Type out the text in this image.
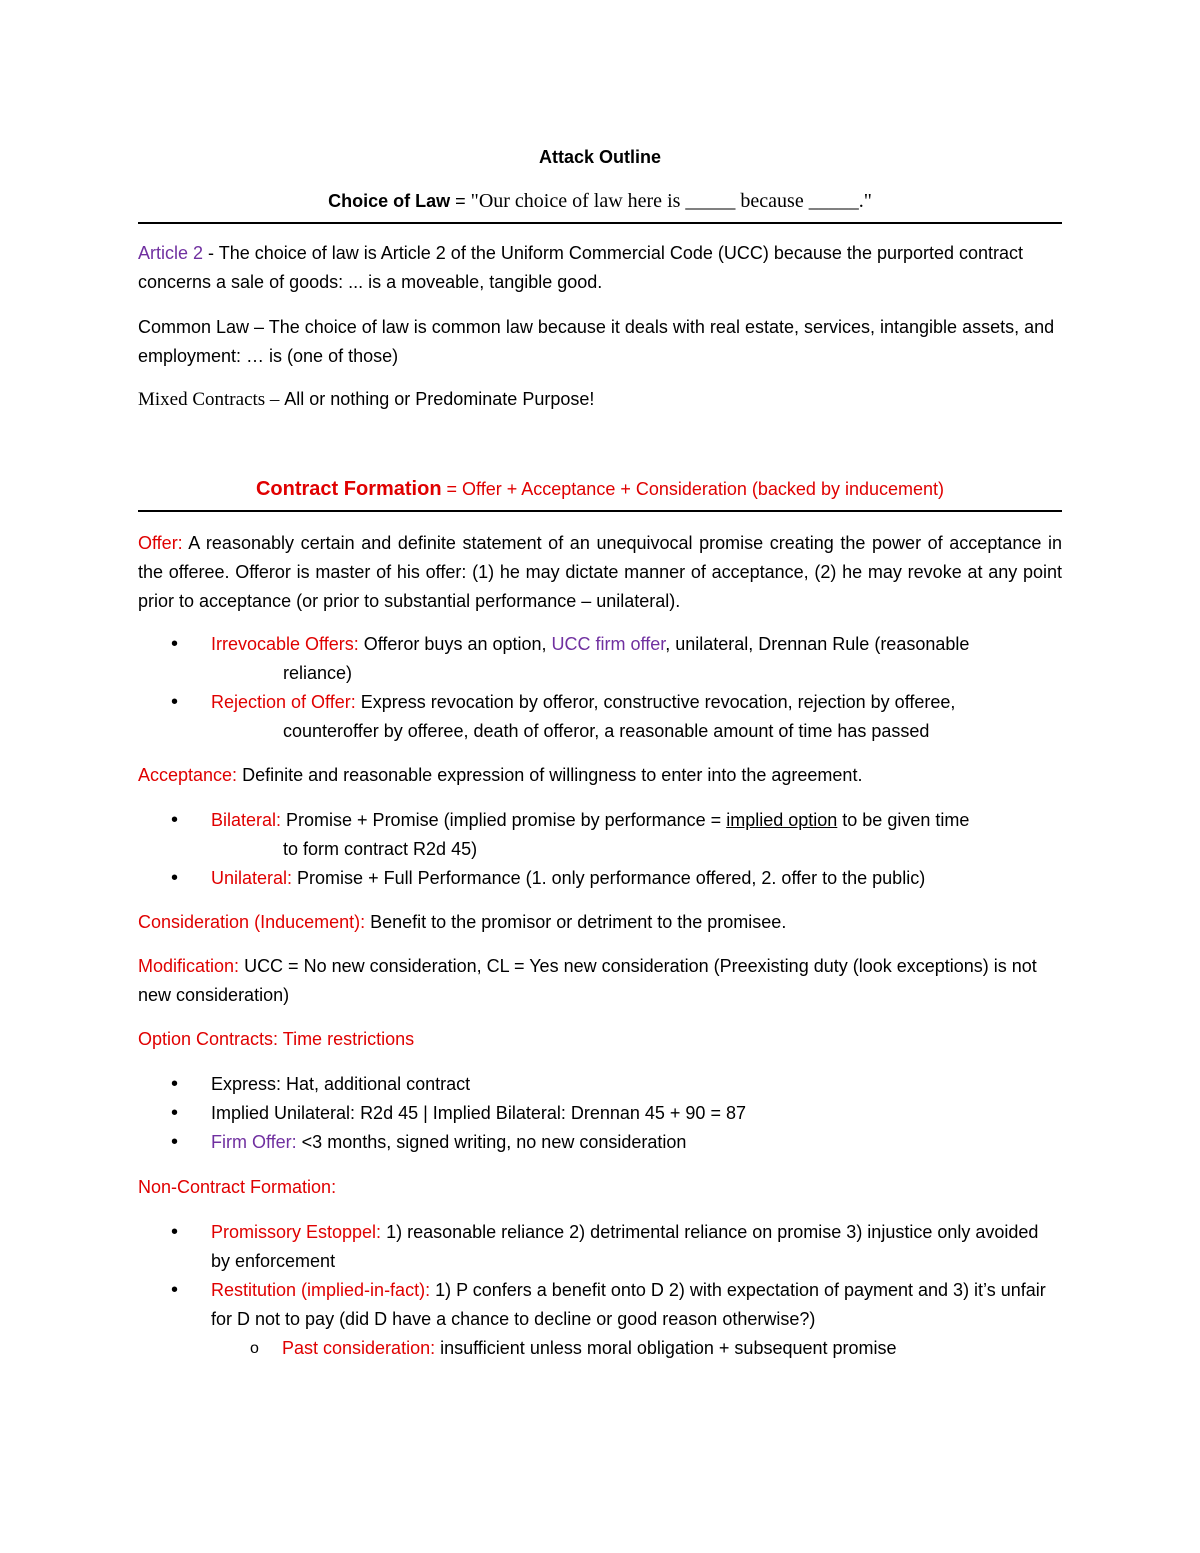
Attack Outline
Choice of Law = "Our choice of law here is _____ because _____."

Article 2 - The choice of law is Article 2 of the Uniform Commercial Code (UCC) because the purported contract concerns a sale of goods: ... is a moveable, tangible good.

Common Law – The choice of law is common law because it deals with real estate, services, intangible assets, and employment: … is (one of those)

Mixed Contracts – All or nothing or Predominate Purpose!

Contract Formation = Offer + Acceptance + Consideration (backed by inducement)

Offer: A reasonably certain and definite statement of an unequivocal promise creating the power of acceptance in the offeree. Offeror is master of his offer: (1) he may dictate manner of acceptance, (2) he may revoke at any point prior to acceptance (or prior to substantial performance – unilateral).

• Irrevocable Offers: Offeror buys an option, UCC firm offer, unilateral, Drennan Rule (reasonable
reliance)
• Rejection of Offer: Express revocation by offeror, constructive revocation, rejection by offeree,
counteroffer by offeree, death of offeror, a reasonable amount of time has passed

Acceptance: Definite and reasonable expression of willingness to enter into the agreement.

• Bilateral: Promise + Promise (implied promise by performance = implied option to be given time
to form contract R2d 45)
• Unilateral: Promise + Full Performance (1. only performance offered, 2. offer to the public)

Consideration (Inducement): Benefit to the promisor or detriment to the promisee.

Modification: UCC = No new consideration, CL = Yes new consideration (Preexisting duty (look exceptions) is not new consideration)

Option Contracts: Time restrictions

• Express: Hat, additional contract
• Implied Unilateral: R2d 45 | Implied Bilateral: Drennan 45 + 90 = 87
• Firm Offer: <3 months, signed writing, no new consideration

Non-Contract Formation:

• Promissory Estoppel: 1) reasonable reliance 2) detrimental reliance on promise 3) injustice only avoided by enforcement
• Restitution (implied-in-fact): 1) P confers a benefit onto D 2) with expectation of payment and 3) it’s unfair for D not to pay (did D have a chance to decline or good reason otherwise?)
o Past consideration: insufficient unless moral obligation + subsequent promise
